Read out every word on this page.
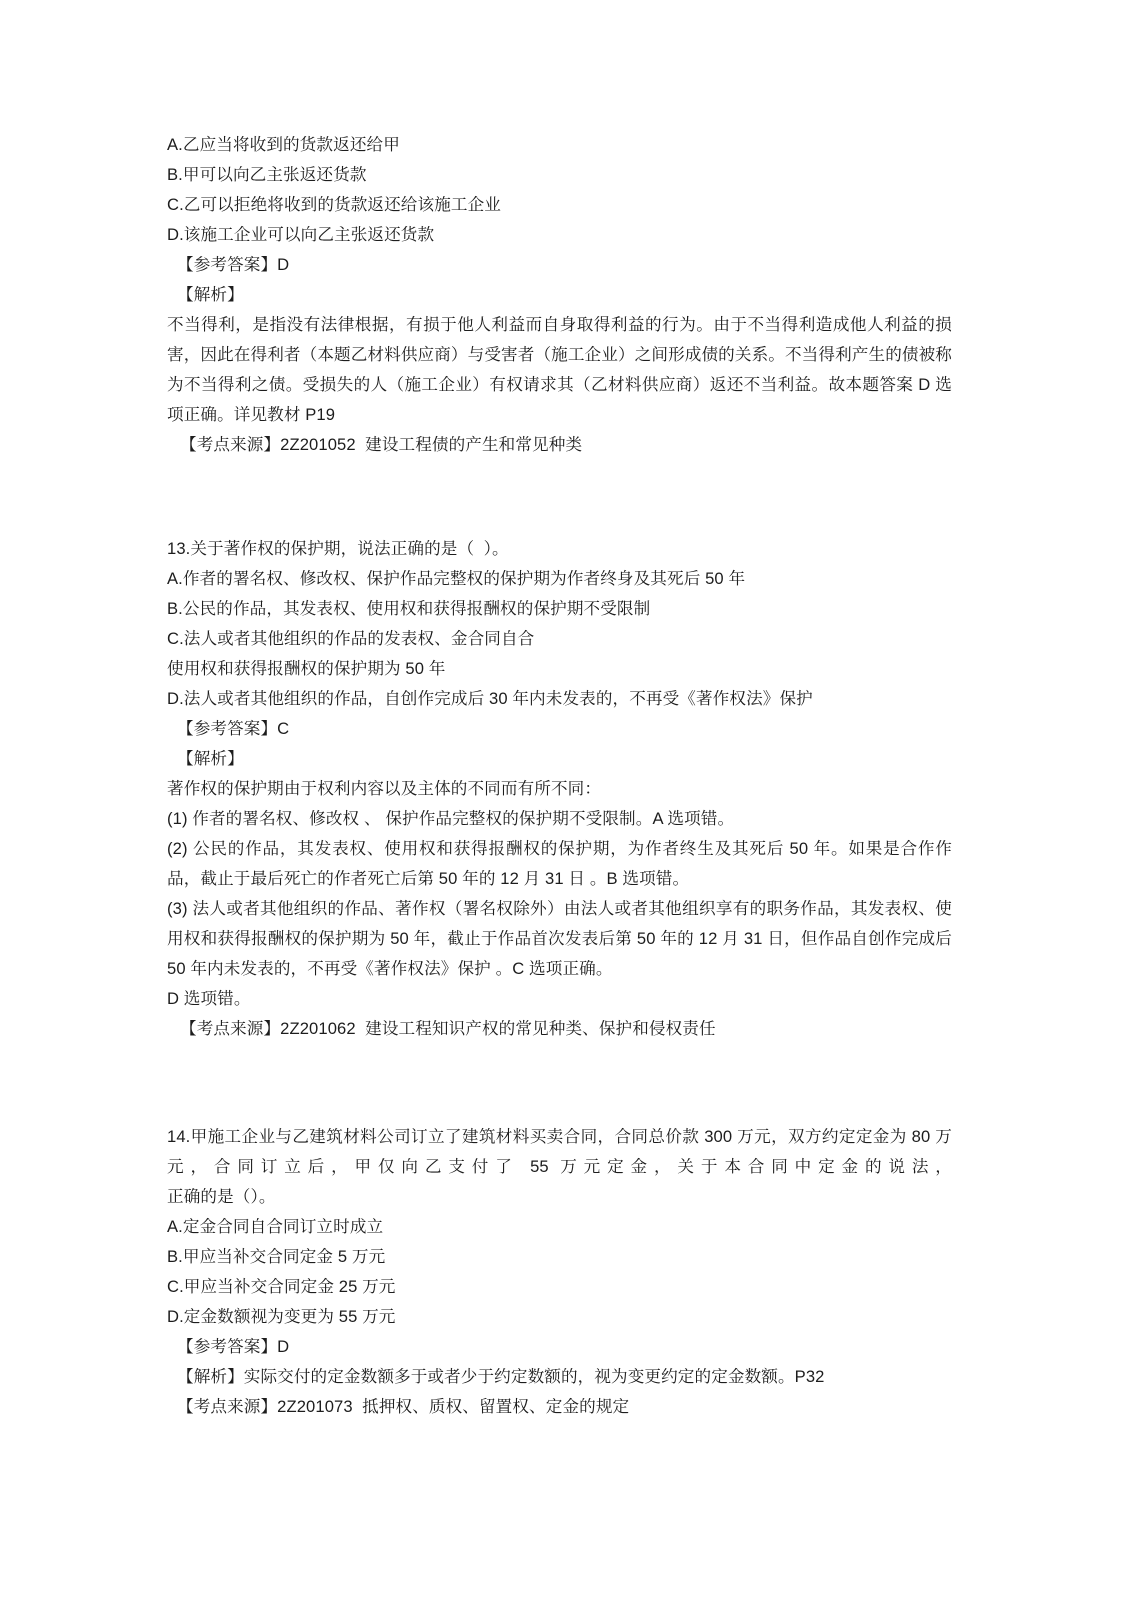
A.乙应当将收到的货款返还给甲
B.甲可以向乙主张返还货款
C.乙可以拒绝将收到的货款返还给该施工企业
D.该施工企业可以向乙主张返还货款
【参考答案】D
【解析】
不当得利，是指没有法律根据，有损于他人利益而自身取得利益的行为。由于不当得利造成他人利益的损害，因此在得利者（本题乙材料供应商）与受害者（施工企业）之间形成债的关系。不当得利产生的债被称为不当得利之债。受损失的人（施工企业）有权请求其（乙材料供应商）返还不当利益。故本题答案 D 选项正确。详见教材 P19
【考点来源】2Z201052  建设工程债的产生和常见种类
13.关于著作权的保护期，说法正确的是（  ）。
A.作者的署名权、修改权、保护作品完整权的保护期为作者终身及其死后 50 年
B.公民的作品，其发表权、使用权和获得报酬权的保护期不受限制
C.法人或者其他组织的作品的发表权、金合同自合
使用权和获得报酬权的保护期为 50 年
D.法人或者其他组织的作品，自创作完成后 30 年内未发表的，不再受《著作权法》保护
【参考答案】C
【解析】
著作权的保护期由于权利内容以及主体的不同而有所不同：
(1) 作者的署名权、修改权 、 保护作品完整权的保护期不受限制。A 选项错。
(2) 公民的作品，其发表权、使用权和获得报酬权的保护期，为作者终生及其死后 50 年。如果是合作作品，截止于最后死亡的作者死亡后第 50 年的 12 月 31 日 。B 选项错。
(3) 法人或者其他组织的作品、著作权（署名权除外）由法人或者其他组织享有的职务作品，其发表权、使用权和获得报酬权的保护期为 50 年，截止于作品首次发表后第 50 年的 12 月 31 日，但作品自创作完成后 50 年内未发表的，不再受《著作权法》保护 。C 选项正确。
D 选项错。
【考点来源】2Z201062  建设工程知识产权的常见种类、保护和侵权责任
14.甲施工企业与乙建筑材料公司订立了建筑材料买卖合同，合同总价款 300 万元，双方约定定金为 80 万元，合同订立后，甲仅向乙支付了 55 万元定金，关于本合同中定金的说法，
正确的是（）。
A.定金合同自合同订立时成立
B.甲应当补交合同定金 5 万元
C.甲应当补交合同定金 25 万元
D.定金数额视为变更为 55 万元
【参考答案】D
【解析】实际交付的定金数额多于或者少于约定数额的，视为变更约定的定金数额。P32
【考点来源】2Z201073  抵押权、质权、留置权、定金的规定
